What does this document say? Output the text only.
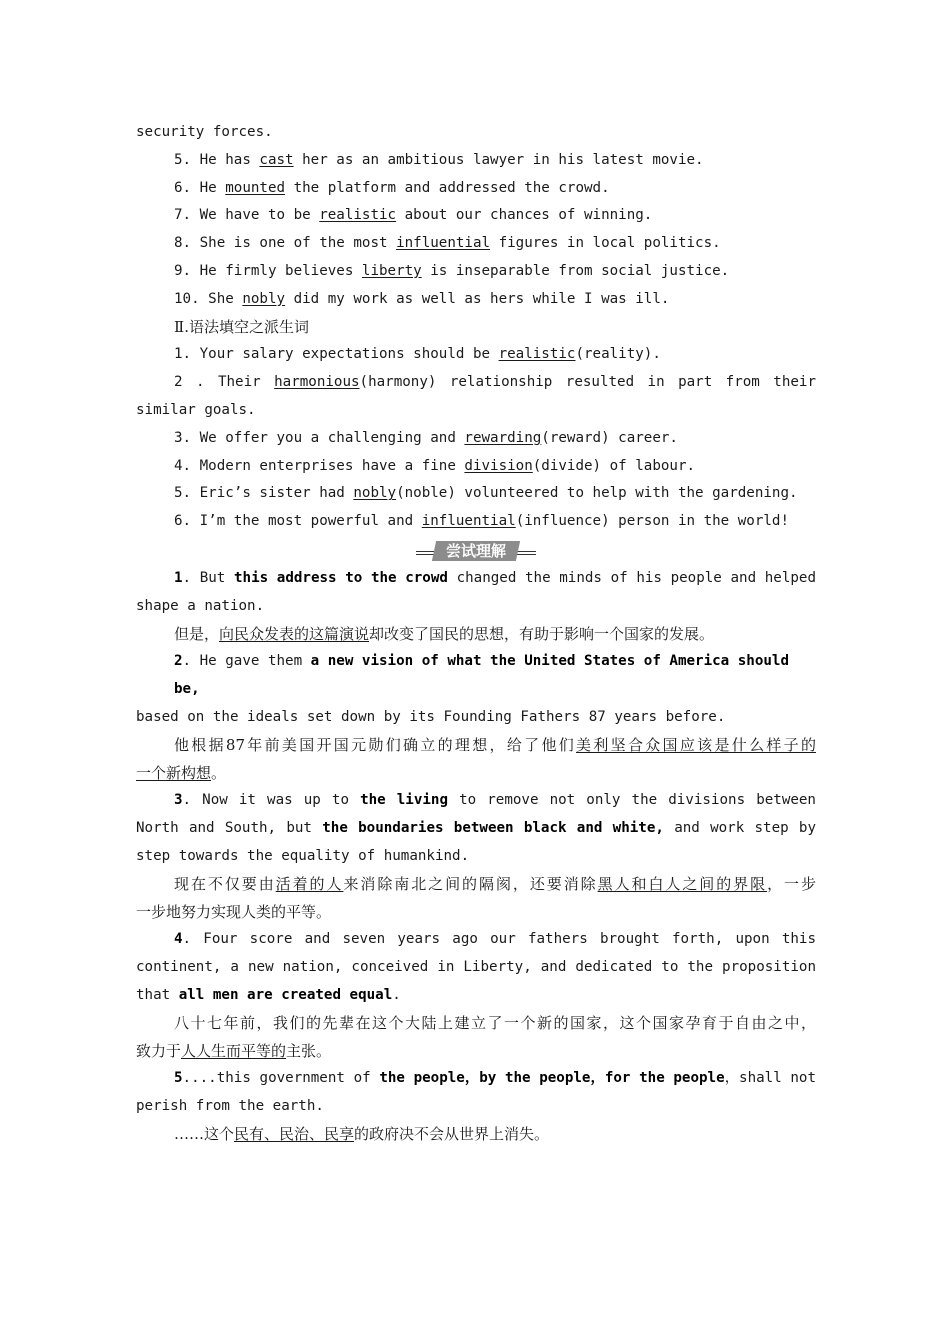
security forces.

5. He has cast her as an ambitious lawyer in his latest movie.

6. He mounted the platform and addressed the crowd.

7. We have to be realistic about our chances of winning.

8. She is one of the most influential figures in local politics.

9. He firmly believes liberty is inseparable from social justice.

10. She nobly did my work as well as hers while I was ill.

Ⅱ.语法填空之派生词

1. Your salary expectations should be realistic(reality).

2 . Their harmonious(harmony) relationship resulted in part from their

similar goals.

3. We offer you a challenging and rewarding(reward) career.

4. Modern enterprises have a fine division(divide) of labour.

5. Eric’s sister had nobly(noble) volunteered to help with the gardening.

6. I’m the most powerful and influential(influence) person in the world!

尝试理解

1. But this address to the crowd changed the minds of his people and helped

shape a nation.

但是，向民众发表的这篇演说却改变了国民的思想，有助于影响一个国家的发展。

2. He gave them a new vision of what the United States of America should be,

based on the ideals set down by its Founding Fathers 87 years before.

他根据87年前美国开国元勋们确立的理想，给了他们美利坚合众国应该是什么样子的

一个新构想。

3. Now it was up to the living to remove not only the divisions between

North and South, but the boundaries between black and white, and work step by

step towards the equality of humankind.

现在不仅要由活着的人来消除南北之间的隔阂，还要消除黑人和白人之间的界限，一步

一步地努力实现人类的平等。

4. Four score and seven years ago our fathers brought forth, upon this

continent, a new nation, conceived in Liberty, and dedicated to the proposition

that all men are created equal.

八十七年前，我们的先辈在这个大陆上建立了一个新的国家，这个国家孕育于自由之中，

致力于人人生而平等的主张。

5....this government of the people，by the people，for the people，shall not

perish from the earth.

……这个民有、民治、民享的政府决不会从世界上消失。
